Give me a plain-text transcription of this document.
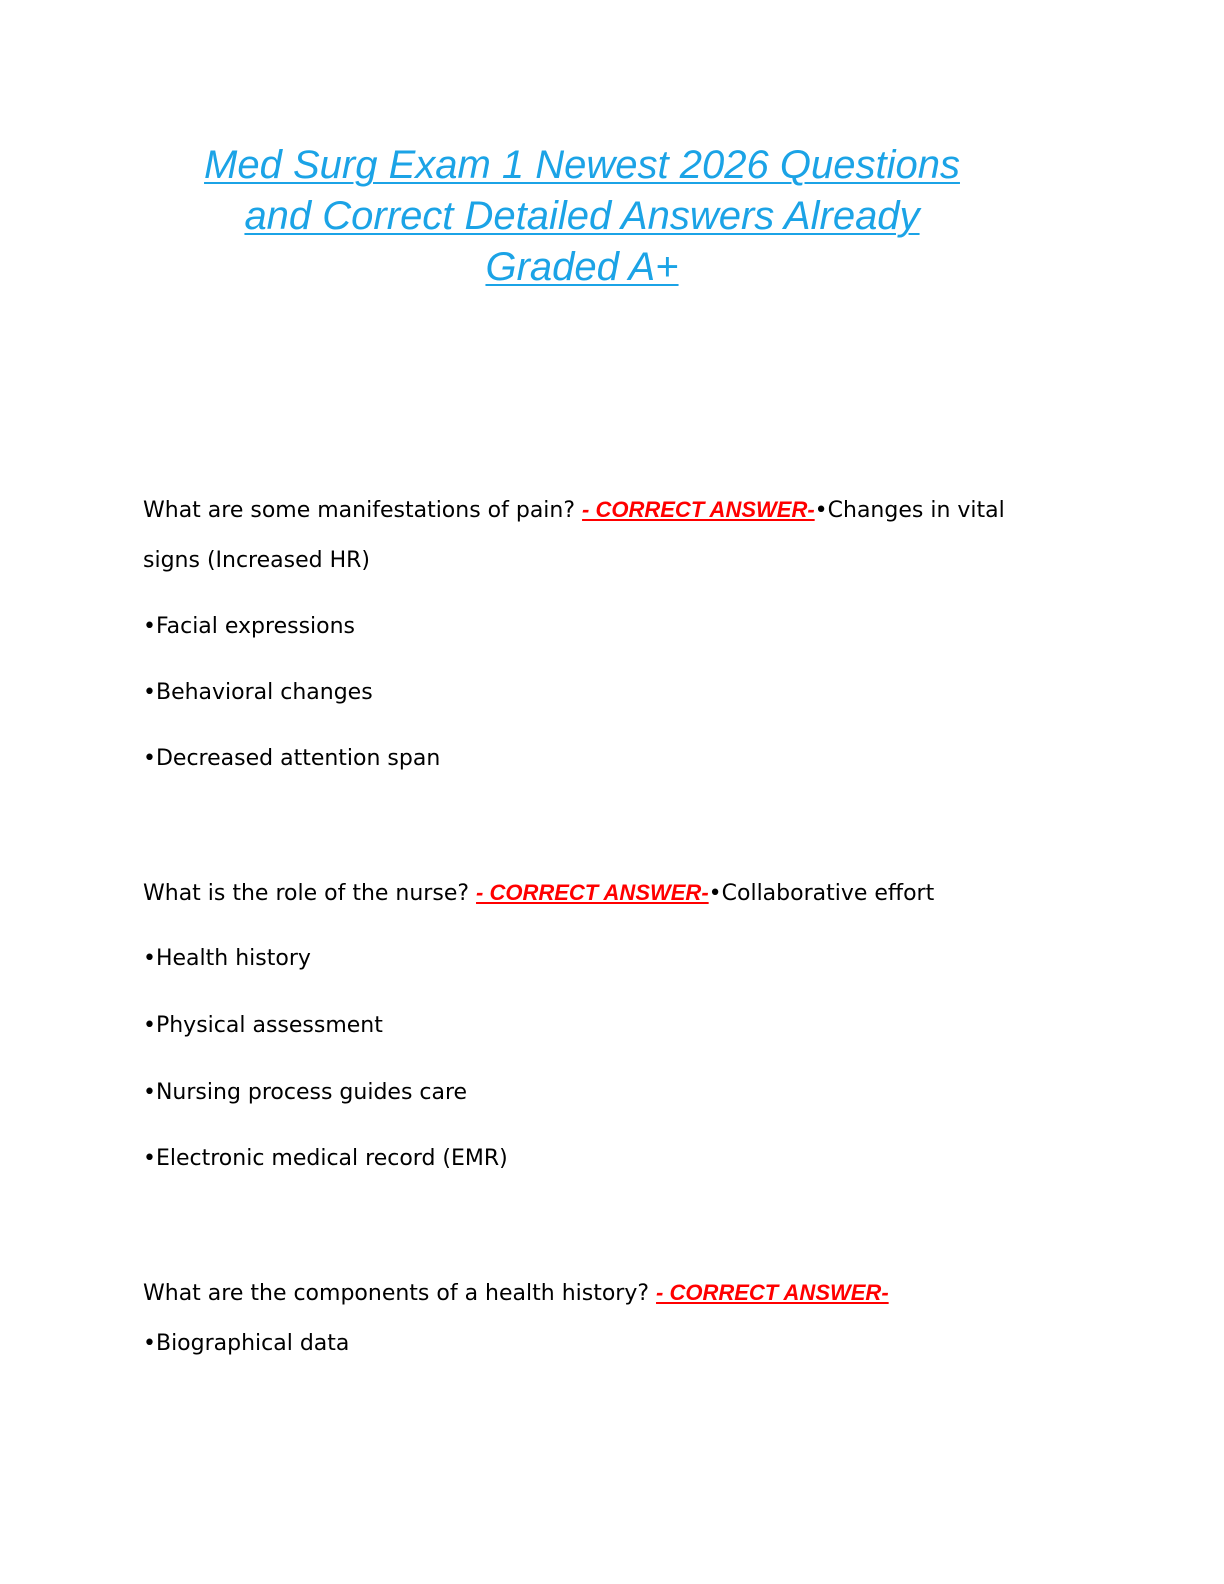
Med Surg Exam 1 Newest 2026 Questions
and Correct Detailed Answers Already
Graded A+
What are some manifestations of pain? - CORRECT ANSWER-•Changes in vital
signs (Increased HR)
•Facial expressions
•Behavioral changes
•Decreased attention span
What is the role of the nurse? - CORRECT ANSWER-•Collaborative effort
•Health history
•Physical assessment
•Nursing process guides care
•Electronic medical record (EMR)
What are the components of a health history? - CORRECT ANSWER-
•Biographical data
